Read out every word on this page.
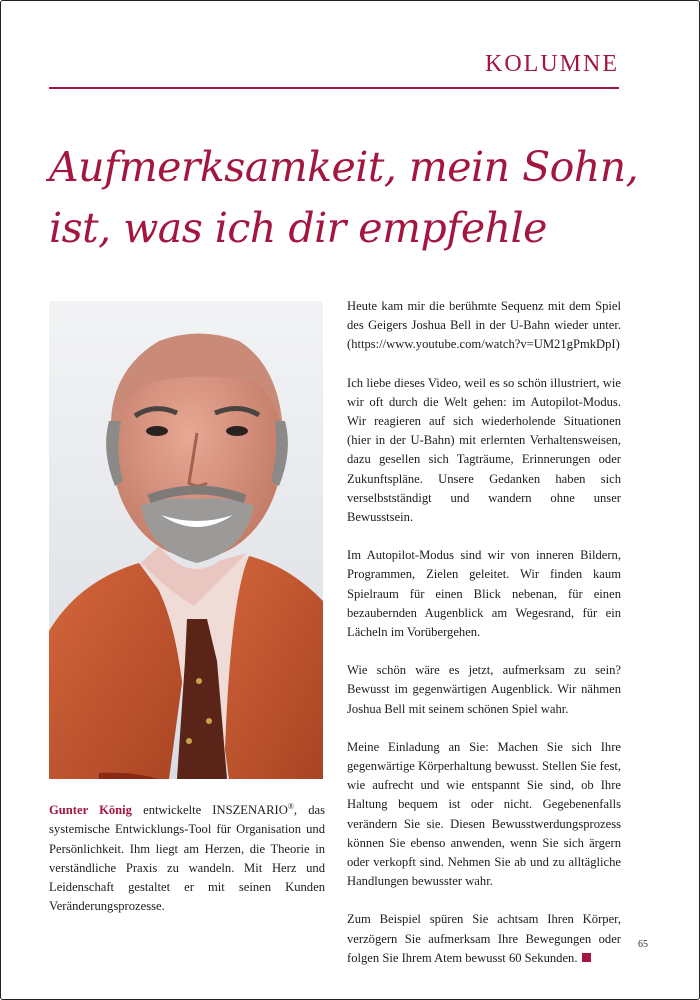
KOLUMNE
Aufmerksamkeit, mein Sohn,
ist, was ich dir empfehle
Gunter König entwickelte INSZENARIO®, das systemische Entwicklungs-Tool für Organisation und Persönlichkeit. Ihm liegt am Herzen, die Theorie in verständliche Praxis zu wandeln. Mit Herz und Leidenschaft gestaltet er mit seinen Kunden Veränderungsprozesse.

Heute kam mir die berühmte Sequenz mit dem Spiel des Geigers Joshua Bell in der U-Bahn wieder unter. (https://www.youtube.com/watch?v=UM21gPmkDpI)

Ich liebe dieses Video, weil es so schön illustriert, wie wir oft durch die Welt gehen: im Autopilot-Modus. Wir reagieren auf sich wiederholende Situationen (hier in der U-Bahn) mit erlernten Verhaltensweisen, dazu gesellen sich Tagträume, Erinnerungen oder Zukunftspläne. Unsere Gedanken haben sich verselbstständigt und wandern ohne unser Bewusstsein.

Im Autopilot-Modus sind wir von inneren Bildern, Programmen, Zielen geleitet. Wir finden kaum Spielraum für einen Blick nebenan, für einen bezaubernden Augenblick am Wegesrand, für ein Lächeln im Vorübergehen.

Wie schön wäre es jetzt, aufmerksam zu sein? Bewusst im gegenwärtigen Augenblick. Wir nähmen Joshua Bell mit seinem schönen Spiel wahr.

Meine Einladung an Sie: Machen Sie sich Ihre gegenwärtige Körperhaltung bewusst. Stellen Sie fest, wie aufrecht und wie entspannt Sie sind, ob Ihre Haltung bequem ist oder nicht. Gegebenenfalls verändern Sie sie. Diesen Bewusstwerdungsprozess können Sie ebenso anwenden, wenn Sie sich ärgern oder verkopft sind. Nehmen Sie ab und zu alltägliche Handlungen bewusster wahr.

Zum Beispiel spüren Sie achtsam Ihren Körper, verzögern Sie aufmerksam Ihre Bewegungen oder folgen Sie Ihrem Atem bewusst 60 Sekunden.

65
